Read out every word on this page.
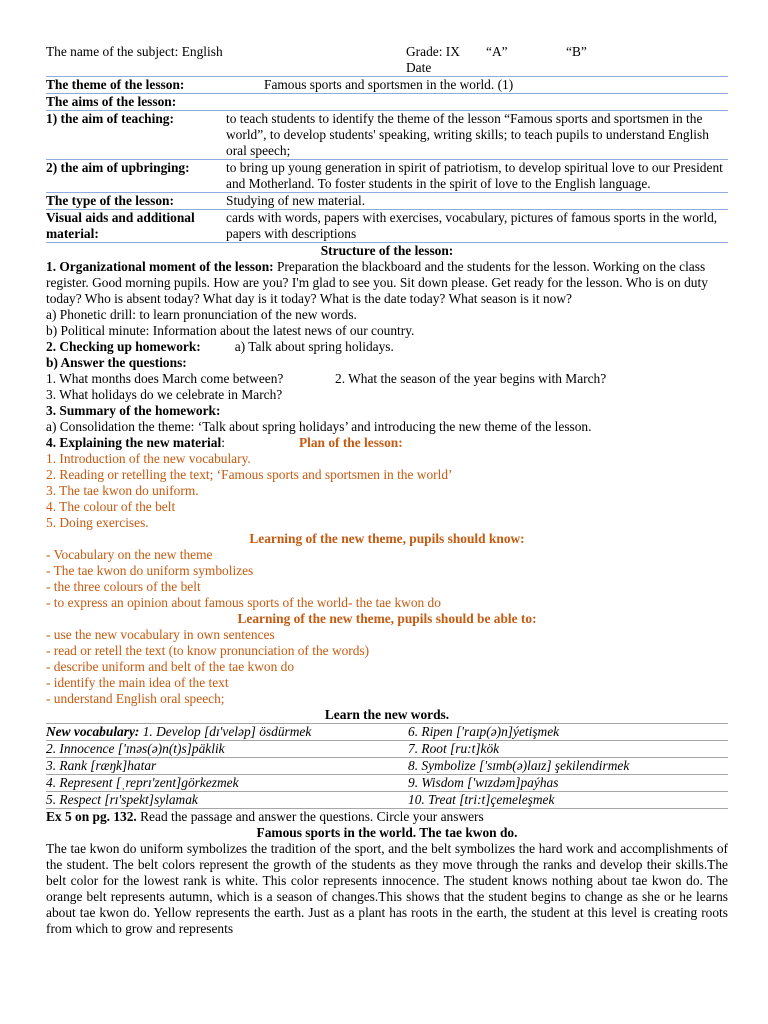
The name of the subject: English	Grade: IX “A”	“B”
Date
The theme of the lesson:	Famous sports and sportsmen in the world. (1)
The aims of the lesson:	
1) the aim of teaching:	to teach students to identify the theme of the lesson “Famous sports and sportsmen in the world”, to develop students' speaking, writing skills; to teach pupils to understand English oral speech;
2) the aim of upbringing:	to bring up young generation in spirit of patriotism, to develop spiritual love to our President and Motherland. To foster students in the spirit of love to the English language.
The type of the lesson:	Studying of new material.
Visual aids and additional material:	cards with words, papers with exercises, vocabulary, pictures of famous sports in the world, papers with descriptions
Structure of the lesson:
1. Organizational moment of the lesson: Preparation the blackboard and the students for the lesson. Working on the class register. Good morning pupils. How are you? I'm glad to see you. Sit down please. Get ready for the lesson. Who is on duty today? Who is absent today? What day is it today? What is the date today? What season is it now?
a) Phonetic drill: to learn pronunciation of the new words.
b) Political minute: Information about the latest news of our country.
2. Checking up homework:	a) Talk about spring holidays.
b) Answer the questions:
1. What months does March come between?	2. What the season of the year begins with March?
3. What holidays do we celebrate in March?
3. Summary of the homework:
a) Consolidation the theme: ‘Talk about spring holidays’ and introducing the new theme of the lesson.
4. Explaining the new material:	Plan of the lesson:
1. Introduction of the new vocabulary.
2. Reading or retelling the text; ‘Famous sports and sportsmen in the world’
3. The tae kwon do uniform.
4. The colour of the belt
5. Doing exercises.
Learning of the new theme, pupils should know:
- Vocabulary on the new theme
- The tae kwon do uniform symbolizes
- the three colours of the belt
- to express an opinion about famous sports of the world- the tae kwon do
Learning of the new theme, pupils should be able to:
- use the new vocabulary in own sentences
- read or retell the text (to know pronunciation of the words)
- describe uniform and belt of the tae kwon do
- identify the main idea of the text
- understand English oral speech;
Learn the new words.
New vocabulary: 1. Develop [dɪ'veləp] ösdürmek	6. Ripen ['raɪp(ə)n]ýetişmek
2. Innocence ['ɪnəs(ə)n(t)s]päklik	7. Root [ru:t]kök
3. Rank [ræŋk]hatar	8. Symbolize ['sɪmb(ə)laɪz] şekilendirmek
4. Represent [ˌreprɪ'zent]görkezmek	9. Wisdom ['wɪzdəm]paýhas
5. Respect [rɪ'spekt]sylamak	10. Treat [tri:t]çemeleşmek
Ex 5 on pg. 132. Read the passage and answer the questions. Circle your answers
Famous sports in the world. The tae kwon do.
The tae kwon do uniform symbolizes the tradition of the sport, and the belt symbolizes the hard work and accomplishments of the student. The belt colors represent the growth of the students as they move through the ranks and develop their skills.The belt color for the lowest rank is white. This color represents innocence. The student knows nothing about tae kwon do. The orange belt represents autumn, which is a season of changes.This shows that the student begins to change as she or he learns about tae kwon do. Yellow represents the earth. Just as a plant has roots in the earth, the student at this level is creating roots from which to grow and represents
